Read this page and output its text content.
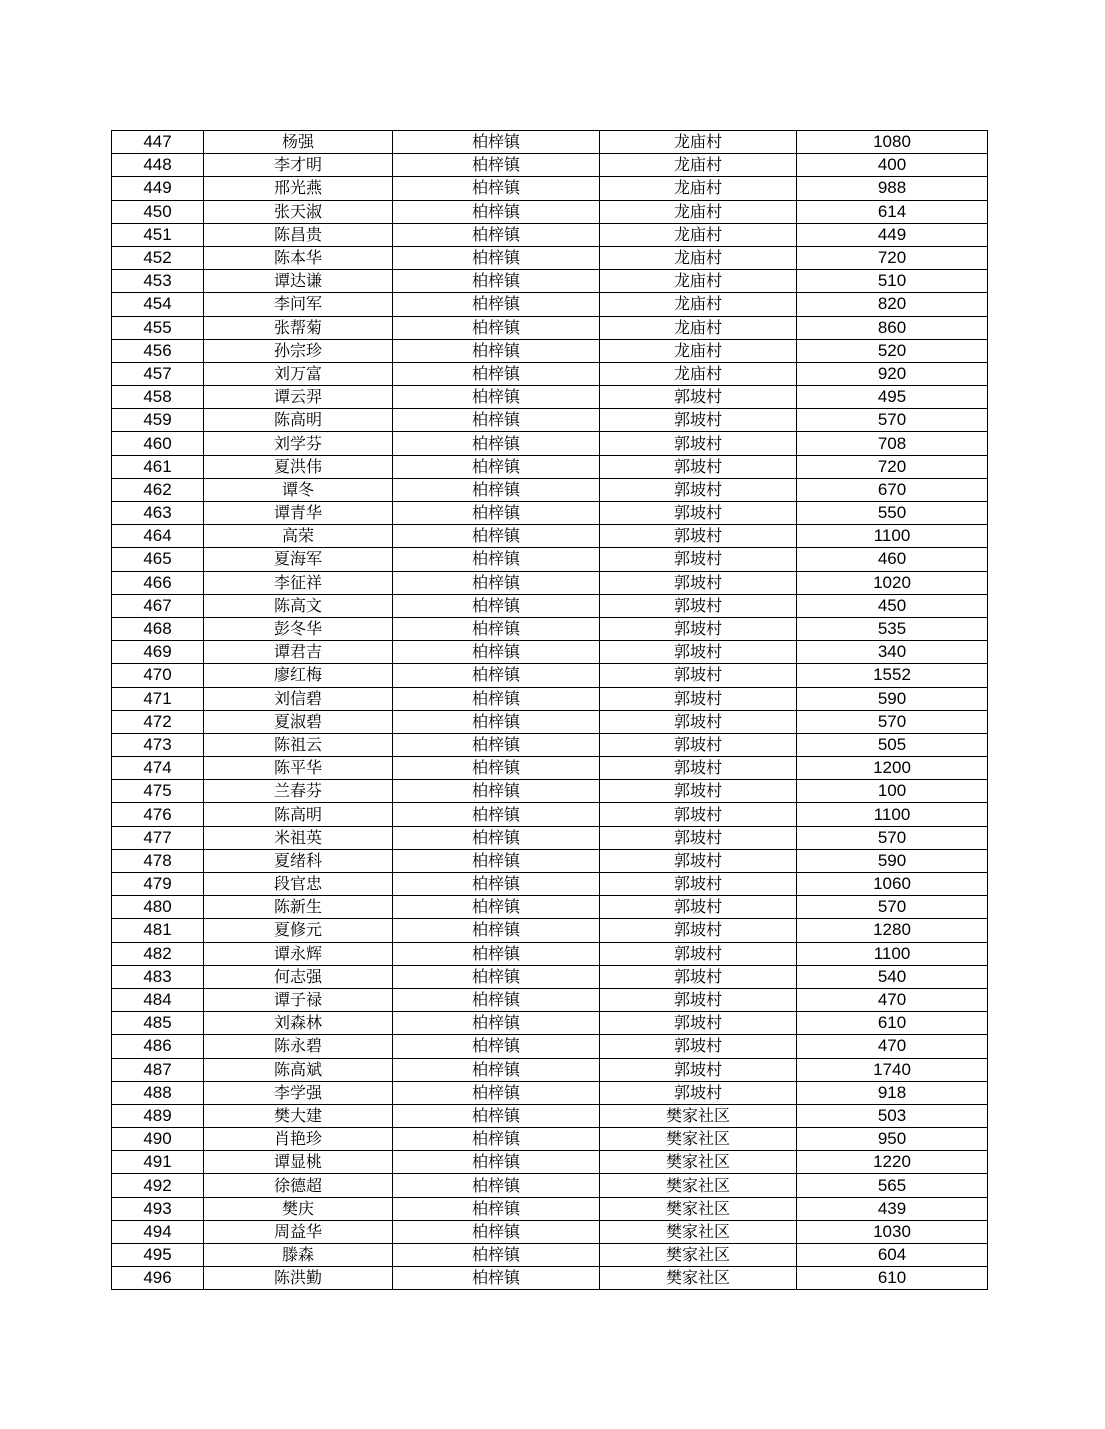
447	杨强	柏梓镇	龙庙村	1080
448	李才明	柏梓镇	龙庙村	400
449	邢光燕	柏梓镇	龙庙村	988
450	张天淑	柏梓镇	龙庙村	614
451	陈昌贵	柏梓镇	龙庙村	449
452	陈本华	柏梓镇	龙庙村	720
453	谭达谦	柏梓镇	龙庙村	510
454	李问军	柏梓镇	龙庙村	820
455	张帮菊	柏梓镇	龙庙村	860
456	孙宗珍	柏梓镇	龙庙村	520
457	刘万富	柏梓镇	龙庙村	920
458	谭云羿	柏梓镇	郭坡村	495
459	陈高明	柏梓镇	郭坡村	570
460	刘学芬	柏梓镇	郭坡村	708
461	夏洪伟	柏梓镇	郭坡村	720
462	谭冬	柏梓镇	郭坡村	670
463	谭青华	柏梓镇	郭坡村	550
464	高荣	柏梓镇	郭坡村	1100
465	夏海军	柏梓镇	郭坡村	460
466	李征祥	柏梓镇	郭坡村	1020
467	陈高文	柏梓镇	郭坡村	450
468	彭冬华	柏梓镇	郭坡村	535
469	谭君吉	柏梓镇	郭坡村	340
470	廖红梅	柏梓镇	郭坡村	1552
471	刘信碧	柏梓镇	郭坡村	590
472	夏淑碧	柏梓镇	郭坡村	570
473	陈祖云	柏梓镇	郭坡村	505
474	陈平华	柏梓镇	郭坡村	1200
475	兰春芬	柏梓镇	郭坡村	100
476	陈高明	柏梓镇	郭坡村	1100
477	米祖英	柏梓镇	郭坡村	570
478	夏绪科	柏梓镇	郭坡村	590
479	段官忠	柏梓镇	郭坡村	1060
480	陈新生	柏梓镇	郭坡村	570
481	夏修元	柏梓镇	郭坡村	1280
482	谭永辉	柏梓镇	郭坡村	1100
483	何志强	柏梓镇	郭坡村	540
484	谭子禄	柏梓镇	郭坡村	470
485	刘森林	柏梓镇	郭坡村	610
486	陈永碧	柏梓镇	郭坡村	470
487	陈高斌	柏梓镇	郭坡村	1740
488	李学强	柏梓镇	郭坡村	918
489	樊大建	柏梓镇	樊家社区	503
490	肖艳珍	柏梓镇	樊家社区	950
491	谭显桃	柏梓镇	樊家社区	1220
492	徐德超	柏梓镇	樊家社区	565
493	樊庆	柏梓镇	樊家社区	439
494	周益华	柏梓镇	樊家社区	1030
495	滕森	柏梓镇	樊家社区	604
496	陈洪勤	柏梓镇	樊家社区	610
